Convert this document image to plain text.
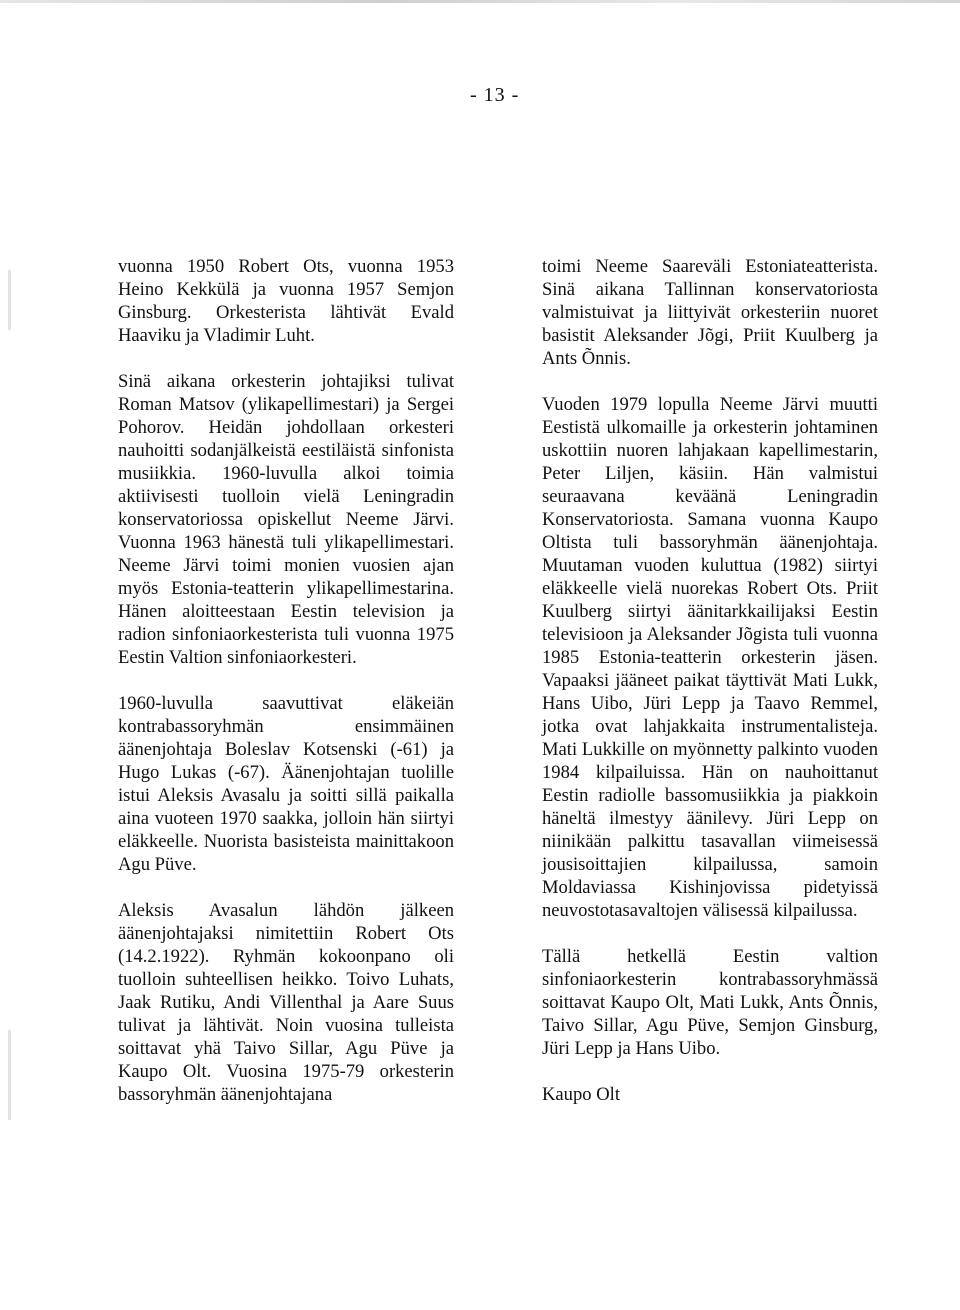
- 13 -

vuonna 1950 Robert Ots, vuonna 1953 Heino Kekkülä ja vuonna 1957 Semjon Ginsburg. Orkesterista lähtivät Evald Haaviku ja Vladimir Luht.

Sinä aikana orkesterin johtajiksi tulivat Roman Matsov (ylikapellimestari) ja Sergei Pohorov. Heidän johdollaan orkesteri nauhoitti sodanjälkeistä eestiläistä sinfonista musiikkia. 1960-luvulla alkoi toimia aktiivisesti tuolloin vielä Leningradin konservatoriossa opiskellut Neeme Järvi. Vuonna 1963 hänestä tuli ylikapellimestari. Neeme Järvi toimi monien vuosien ajan myös Estonia-teatterin ylikapellimestarina. Hänen aloitteestaan Eestin television ja radion sinfoniaorkesterista tuli vuonna 1975 Eestin Valtion sinfoniaorkesteri.

1960-luvulla saavuttivat eläkeiän kontrabassoryhmän ensimmäinen äänenjohtaja Boleslav Kotsenski (-61) ja Hugo Lukas (-67). Äänenjohtajan tuolille istui Aleksis Avasalu ja soitti sillä paikalla aina vuoteen 1970 saakka, jolloin hän siirtyi eläkkeelle. Nuorista basisteista mainittakoon Agu Püve.

Aleksis Avasalun lähdön jälkeen äänenjohtajaksi nimitettiin Robert Ots (14.2.1922). Ryhmän kokoonpano oli tuolloin suhteellisen heikko. Toivo Luhats, Jaak Rutiku, Andi Villenthal ja Aare Suus tulivat ja lähtivät. Noin vuosina tulleista soittavat yhä Taivo Sillar, Agu Püve ja Kaupo Olt. Vuosina 1975-79 orkesterin bassoryhmän äänenjohtajana

toimi Neeme Saareväli Estoniateatterista. Sinä aikana Tallinnan konservatoriosta valmistuivat ja liittyivät orkesteriin nuoret basistit Aleksander Jõgi, Priit Kuulberg ja Ants Õnnis.

Vuoden 1979 lopulla Neeme Järvi muutti Eestistä ulkomaille ja orkesterin johtaminen uskottiin nuoren lahjakaan kapellimestarin, Peter Liljen, käsiin. Hän valmistui seuraavana keväänä Leningradin Konservatoriosta. Samana vuonna Kaupo Oltista tuli bassoryhmän äänenjohtaja. Muutaman vuoden kuluttua (1982) siirtyi eläkkeelle vielä nuorekas Robert Ots. Priit Kuulberg siirtyi äänitarkkailijaksi Eestin televisioon ja Aleksander Jõgista tuli vuonna 1985 Estonia-teatterin orkesterin jäsen. Vapaaksi jääneet paikat täyttivät Mati Lukk, Hans Uibo, Jüri Lepp ja Taavo Remmel, jotka ovat lahjakkaita instrumentalisteja. Mati Lukkille on myönnetty palkinto vuoden 1984 kilpailuissa. Hän on nauhoittanut Eestin radiolle bassomusiikkia ja piakkoin häneltä ilmestyy äänilevy. Jüri Lepp on niinikään palkittu tasavallan viimeisessä jousisoittajien kilpailussa, samoin Moldaviassa Kishinjovissa pidetyissä neuvostotasavaltojen välisessä kilpailussa.

Tällä hetkellä Eestin valtion sinfoniaorkesterin kontrabassoryhmässä soittavat Kaupo Olt, Mati Lukk, Ants Õnnis, Taivo Sillar, Agu Püve, Semjon Ginsburg, Jüri Lepp ja Hans Uibo.

Kaupo Olt
